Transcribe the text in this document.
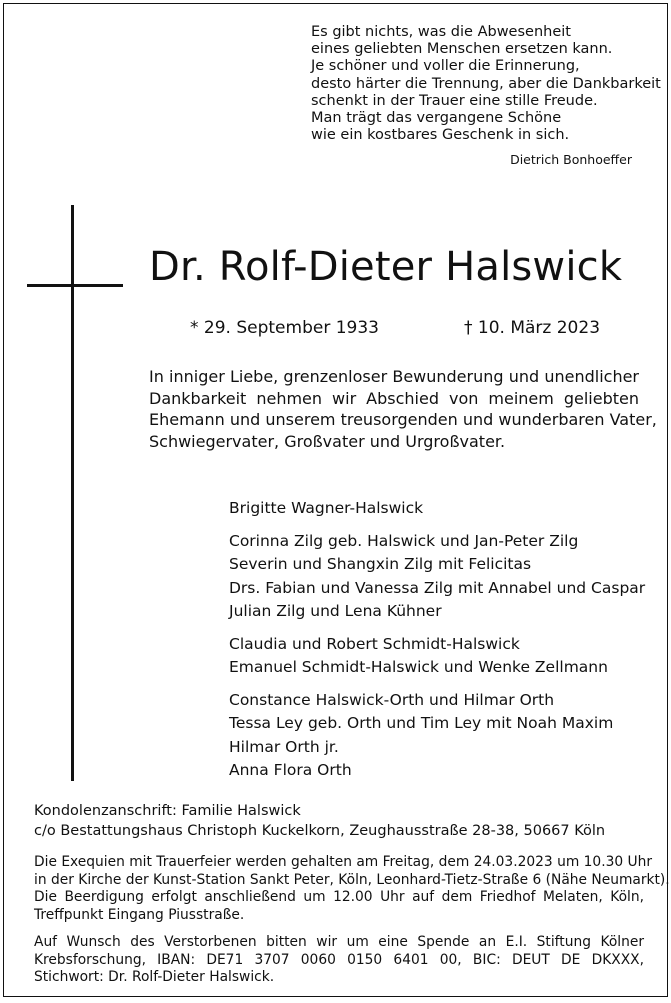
Es gibt nichts, was die Abwesenheit
eines geliebten Menschen ersetzen kann.
Je schöner und voller die Erinnerung,
desto härter die Trennung, aber die Dankbarkeit
schenkt in der Trauer eine stille Freude.
Man trägt das vergangene Schöne
wie ein kostbares Geschenk in sich.
Dietrich Bonhoeffer
Dr. Rolf-Dieter Halswick
* 29. September 1933	† 10. März 2023
In inniger Liebe, grenzenloser Bewunderung und unendlicher
Dankbarkeit nehmen wir Abschied von meinem geliebten
Ehemann und unserem treusorgenden und wunderbaren Vater,
Schwiegervater, Großvater und Urgroßvater.
Brigitte Wagner-Halswick
Corinna Zilg geb. Halswick und Jan-Peter Zilg
Severin und Shangxin Zilg mit Felicitas
Drs. Fabian und Vanessa Zilg mit Annabel und Caspar
Julian Zilg und Lena Kühner
Claudia und Robert Schmidt-Halswick
Emanuel Schmidt-Halswick und Wenke Zellmann
Constance Halswick-Orth und Hilmar Orth
Tessa Ley geb. Orth und Tim Ley mit Noah Maxim
Hilmar Orth jr.
Anna Flora Orth
Kondolenzanschrift: Familie Halswick
c/o Bestattungshaus Christoph Kuckelkorn, Zeughausstraße 28-38, 50667 Köln
Die Exequien mit Trauerfeier werden gehalten am Freitag, dem 24.03.2023 um 10.30 Uhr
in der Kirche der Kunst-Station Sankt Peter, Köln, Leonhard-Tietz-Straße 6 (Nähe Neumarkt).
Die Beerdigung erfolgt anschließend um 12.00 Uhr auf dem Friedhof Melaten, Köln,
Treffpunkt Eingang Piusstraße.
Auf Wunsch des Verstorbenen bitten wir um eine Spende an E.I. Stiftung Kölner
Krebsforschung, IBAN: DE71 3707 0060 0150 6401 00, BIC: DEUT DE DKXXX,
Stichwort: Dr. Rolf-Dieter Halswick.
